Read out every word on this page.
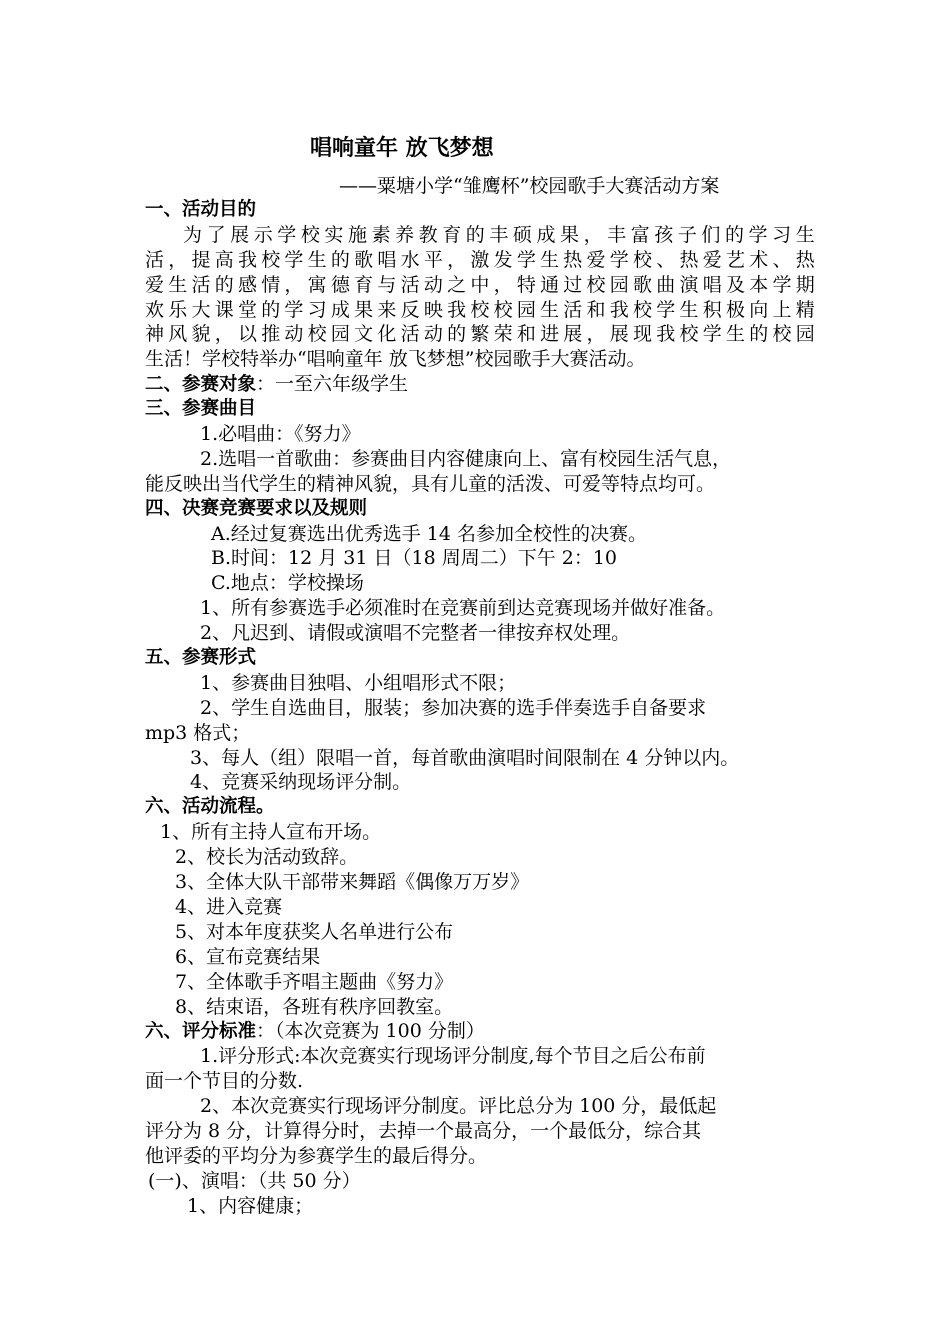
唱响童年 放飞梦想
——粟塘小学“雏鹰杯”校园歌手大赛活动方案
一、活动目的
为了展示学校实施素养教育的丰硕成果，丰富孩子们的学习生
活，提高我校学生的歌唱水平，激发学生热爱学校、热爱艺术、热
爱生活的感情，寓德育与活动之中，特通过校园歌曲演唱及本学期
欢乐大课堂的学习成果来反映我校校园生活和我校学生积极向上精
神风貌，以推动校园文化活动的繁荣和进展，展现我校学生的校园
生活！学校特举办“唱响童年 放飞梦想”校园歌手大赛活动。
二、参赛对象：一至六年级学生
三、参赛曲目
1.必唱曲：《努力》
2.选唱一首歌曲：参赛曲目内容健康向上、富有校园生活气息，
能反映出当代学生的精神风貌，具有儿童的活泼、可爱等特点均可。
四、决赛竞赛要求以及规则
A.经过复赛选出优秀选手 14 名参加全校性的决赛。
B.时间：12 月 31 日（18 周周二）下午 2：10
C.地点：学校操场
1、所有参赛选手必须准时在竞赛前到达竞赛现场并做好准备。
2、凡迟到、请假或演唱不完整者一律按弃权处理。
五、参赛形式
1、参赛曲目独唱、小组唱形式不限；
2、学生自选曲目，服装；参加决赛的选手伴奏选手自备要求
mp3 格式；
3、每人（组）限唱一首，每首歌曲演唱时间限制在 4 分钟以内。
4、竞赛采纳现场评分制。
六、活动流程。
1、所有主持人宣布开场。
2、校长为活动致辞。
3、全体大队干部带来舞蹈《偶像万万岁》
4、进入竞赛
5、对本年度获奖人名单进行公布
6、宣布竞赛结果
7、全体歌手齐唱主题曲《努力》
8、结束语，各班有秩序回教室。
六、评分标准：（本次竞赛为 100 分制）
1.评分形式:本次竞赛实行现场评分制度,每个节目之后公布前
面一个节目的分数.
2、本次竞赛实行现场评分制度。评比总分为 100 分，最低起
评分为 8 分，计算得分时，去掉一个最高分，一个最低分，综合其
他评委的平均分为参赛学生的最后得分。
(一)、演唱：（共 50 分）
1、内容健康；
